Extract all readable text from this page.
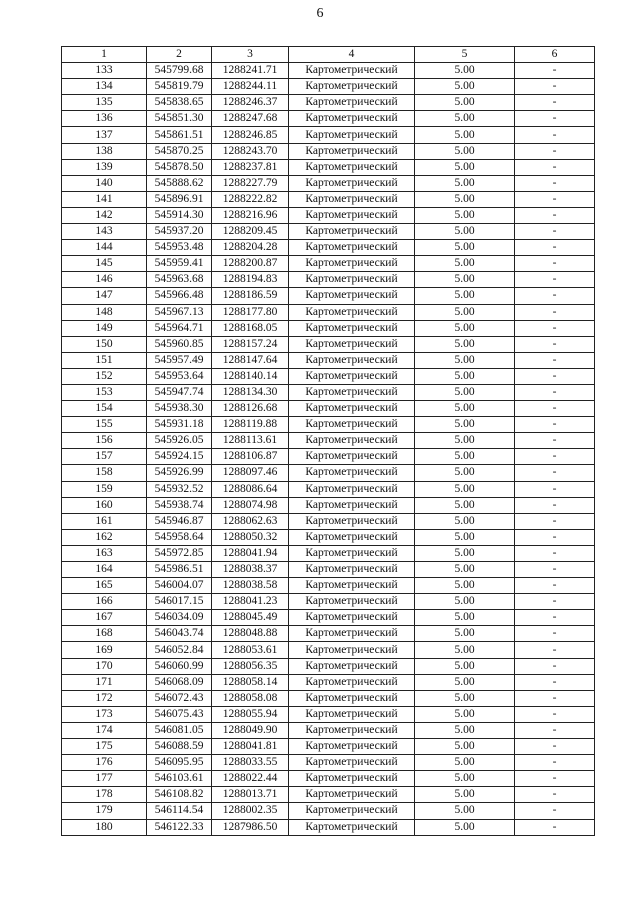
6
1	2	3	4	5	6
133	545799.68	1288241.71	Картометрический	5.00	-
134	545819.79	1288244.11	Картометрический	5.00	-
135	545838.65	1288246.37	Картометрический	5.00	-
136	545851.30	1288247.68	Картометрический	5.00	-
137	545861.51	1288246.85	Картометрический	5.00	-
138	545870.25	1288243.70	Картометрический	5.00	-
139	545878.50	1288237.81	Картометрический	5.00	-
140	545888.62	1288227.79	Картометрический	5.00	-
141	545896.91	1288222.82	Картометрический	5.00	-
142	545914.30	1288216.96	Картометрический	5.00	-
143	545937.20	1288209.45	Картометрический	5.00	-
144	545953.48	1288204.28	Картометрический	5.00	-
145	545959.41	1288200.87	Картометрический	5.00	-
146	545963.68	1288194.83	Картометрический	5.00	-
147	545966.48	1288186.59	Картометрический	5.00	-
148	545967.13	1288177.80	Картометрический	5.00	-
149	545964.71	1288168.05	Картометрический	5.00	-
150	545960.85	1288157.24	Картометрический	5.00	-
151	545957.49	1288147.64	Картометрический	5.00	-
152	545953.64	1288140.14	Картометрический	5.00	-
153	545947.74	1288134.30	Картометрический	5.00	-
154	545938.30	1288126.68	Картометрический	5.00	-
155	545931.18	1288119.88	Картометрический	5.00	-
156	545926.05	1288113.61	Картометрический	5.00	-
157	545924.15	1288106.87	Картометрический	5.00	-
158	545926.99	1288097.46	Картометрический	5.00	-
159	545932.52	1288086.64	Картометрический	5.00	-
160	545938.74	1288074.98	Картометрический	5.00	-
161	545946.87	1288062.63	Картометрический	5.00	-
162	545958.64	1288050.32	Картометрический	5.00	-
163	545972.85	1288041.94	Картометрический	5.00	-
164	545986.51	1288038.37	Картометрический	5.00	-
165	546004.07	1288038.58	Картометрический	5.00	-
166	546017.15	1288041.23	Картометрический	5.00	-
167	546034.09	1288045.49	Картометрический	5.00	-
168	546043.74	1288048.88	Картометрический	5.00	-
169	546052.84	1288053.61	Картометрический	5.00	-
170	546060.99	1288056.35	Картометрический	5.00	-
171	546068.09	1288058.14	Картометрический	5.00	-
172	546072.43	1288058.08	Картометрический	5.00	-
173	546075.43	1288055.94	Картометрический	5.00	-
174	546081.05	1288049.90	Картометрический	5.00	-
175	546088.59	1288041.81	Картометрический	5.00	-
176	546095.95	1288033.55	Картометрический	5.00	-
177	546103.61	1288022.44	Картометрический	5.00	-
178	546108.82	1288013.71	Картометрический	5.00	-
179	546114.54	1288002.35	Картометрический	5.00	-
180	546122.33	1287986.50	Картометрический	5.00	-
